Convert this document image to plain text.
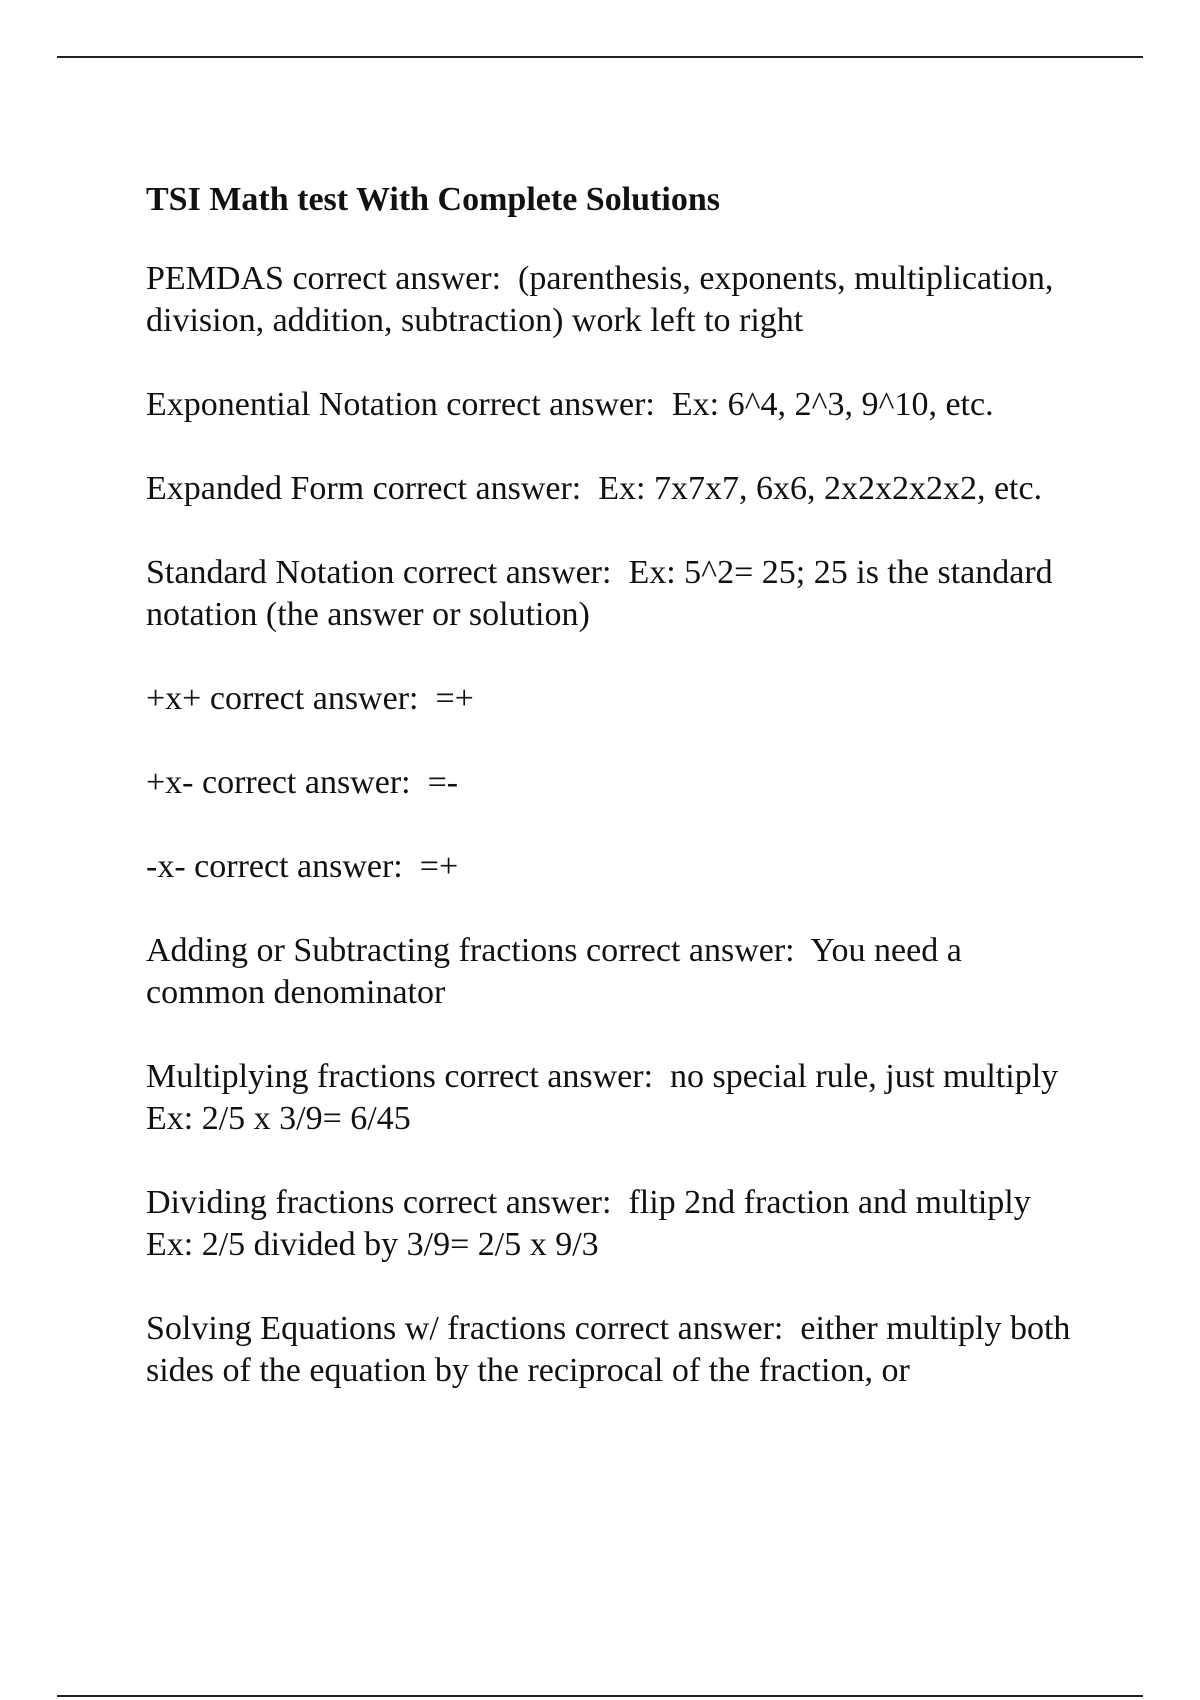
TSI Math test With Complete Solutions
PEMDAS correct answer:  (parenthesis, exponents, multiplication, division, addition, subtraction) work left to right
Exponential Notation correct answer:  Ex: 6^4, 2^3, 9^10, etc.
Expanded Form correct answer:  Ex: 7x7x7, 6x6, 2x2x2x2x2, etc.
Standard Notation correct answer:  Ex: 5^2= 25; 25 is the standard notation (the answer or solution)
+x+ correct answer:  =+
+x- correct answer:  =-
-x- correct answer:  =+
Adding or Subtracting fractions correct answer:  You need a common denominator
Multiplying fractions correct answer:  no special rule, just multiply Ex: 2/5 x 3/9= 6/45
Dividing fractions correct answer:  flip 2nd fraction and multiply Ex: 2/5 divided by 3/9= 2/5 x 9/3
Solving Equations w/ fractions correct answer:  either multiply both sides of the equation by the reciprocal of the fraction, or
